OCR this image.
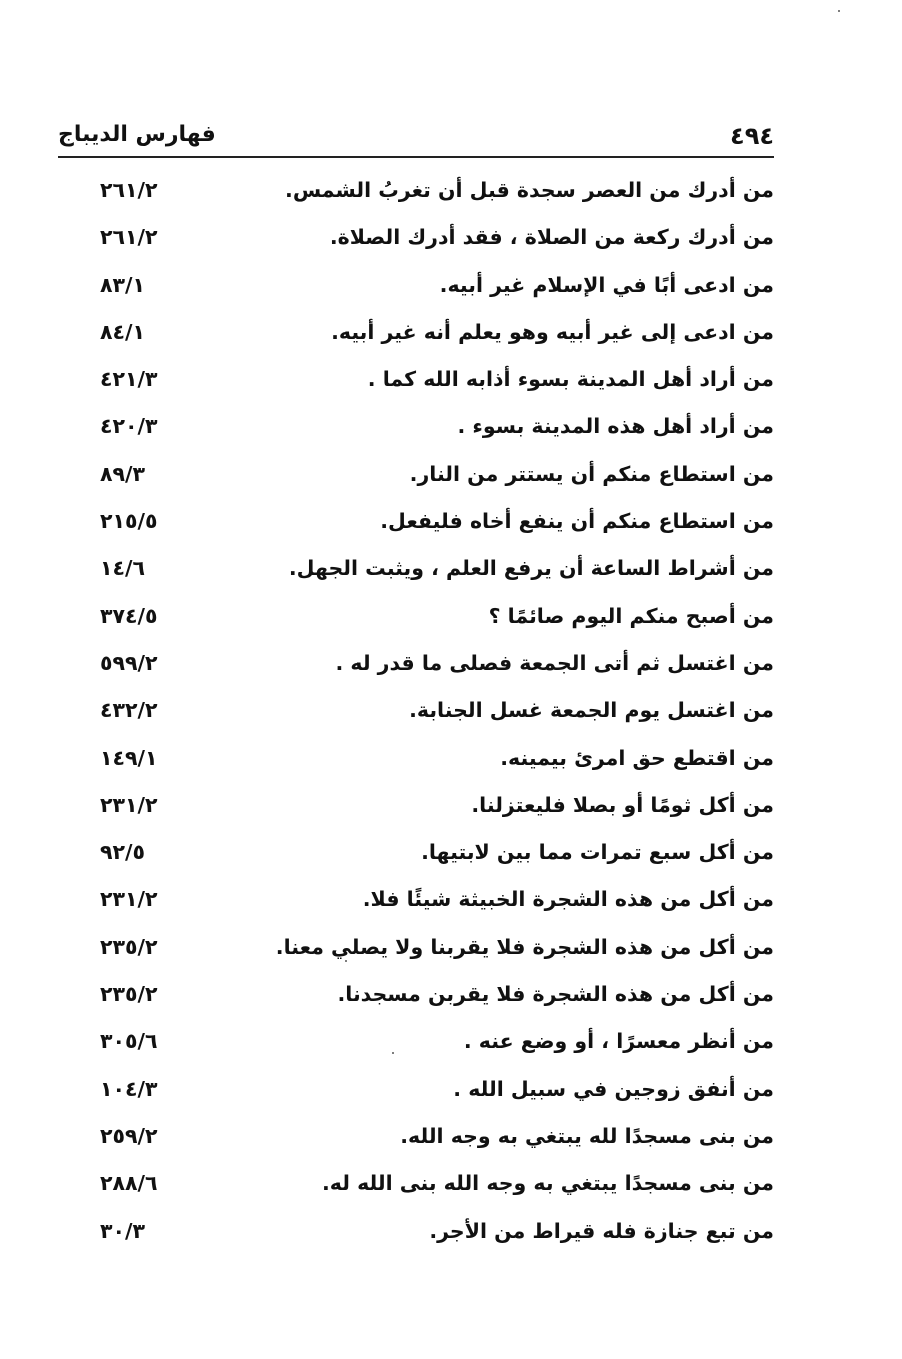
٤٩٤
فهارس الديباج
من أدرك من العصر سجدة قبل أن تغربُ الشمس.
٢٦١/٢
من أدرك ركعة من الصلاة ، فقد أدرك الصلاة.
٢٦١/٢
من ادعى أبًا في الإسلام غير أبيه.
٨٣/١
من ادعى إلى غير أبيه وهو يعلم أنه غير أبيه.
٨٤/١
من أراد أهل المدينة بسوء أذابه الله كما .
٤٢١/٣
من أراد أهل هذه المدينة بسوء .
٤٢٠/٣
من استطاع منكم أن يستتر من النار.
٨٩/٣
من استطاع منكم أن ينفع أخاه فليفعل.
٢١٥/٥
من أشراط الساعة أن يرفع العلم ، ويثبت الجهل.
١٤/٦
من أصبح منكم اليوم صائمًا ؟
٣٧٤/٥
من اغتسل ثم أتى الجمعة فصلى ما قدر له .
٥٩٩/٢
من اغتسل يوم الجمعة غسل الجنابة.
٤٣٢/٢
من اقتطع حق امرئ بيمينه.
١٤٩/١
من أكل ثومًا أو بصلا فليعتزلنا.
٢٣١/٢
من أكل سبع تمرات مما بين لابتيها.
٩٢/٥
من أكل من هذه الشجرة الخبيثة شيئًا فلا.
٢٣١/٢
من أكل من هذه الشجرة فلا يقربنا ولا يصلي معنا.
٢٣٥/٢
من أكل من هذه الشجرة فلا يقربن مسجدنا.
٢٣٥/٢
من أنظر معسرًا ، أو وضع عنه .
٣٠٥/٦
من أنفق زوجين في سبيل الله .
١٠٤/٣
من بنى مسجدًا لله يبتغي به وجه الله.
٢٥٩/٢
من بنى مسجدًا يبتغي به وجه الله بنى الله له.
٢٨٨/٦
من تبع جنازة فله قيراط من الأجر.
٣٠/٣
